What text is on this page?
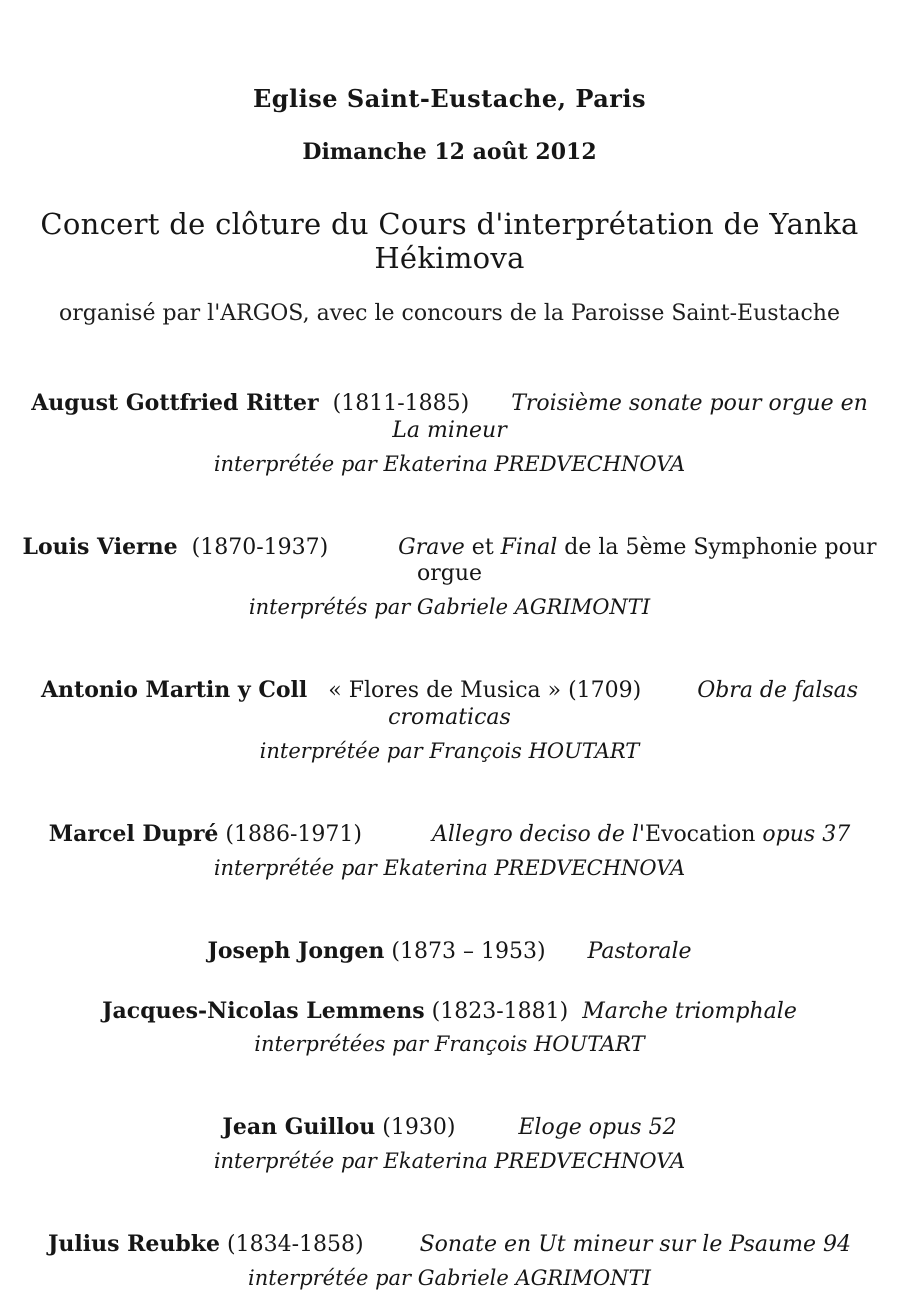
Eglise Saint-Eustache, Paris
Dimanche 12 août 2012
Concert de clôture du Cours d'interprétation de Yanka Hékimova
organisé par l'ARGOS, avec le concours de la Paroisse Saint-Eustache
August Gottfried Ritter  (1811-1885)      Troisième sonate pour orgue en La mineur
interprétée par Ekaterina PREDVECHNOVA
Louis Vierne  (1870-1937)          Grave et Final de la 5ème Symphonie pour orgue
interprétés par Gabriele AGRIMONTI
Antonio Martin y Coll   « Flores de Musica » (1709)        Obra de falsas cromaticas
interprétée par François HOUTART
Marcel Dupré (1886-1971)          Allegro deciso de l'Evocation opus 37
interprétée par Ekaterina PREDVECHNOVA
Joseph Jongen (1873 – 1953)      Pastorale
Jacques-Nicolas Lemmens (1823-1881)  Marche triomphale
interprétées par François HOUTART
Jean Guillou (1930)         Eloge opus 52
interprétée par Ekaterina PREDVECHNOVA
Julius Reubke (1834-1858)        Sonate en Ut mineur sur le Psaume 94
interprétée par Gabriele AGRIMONTI
